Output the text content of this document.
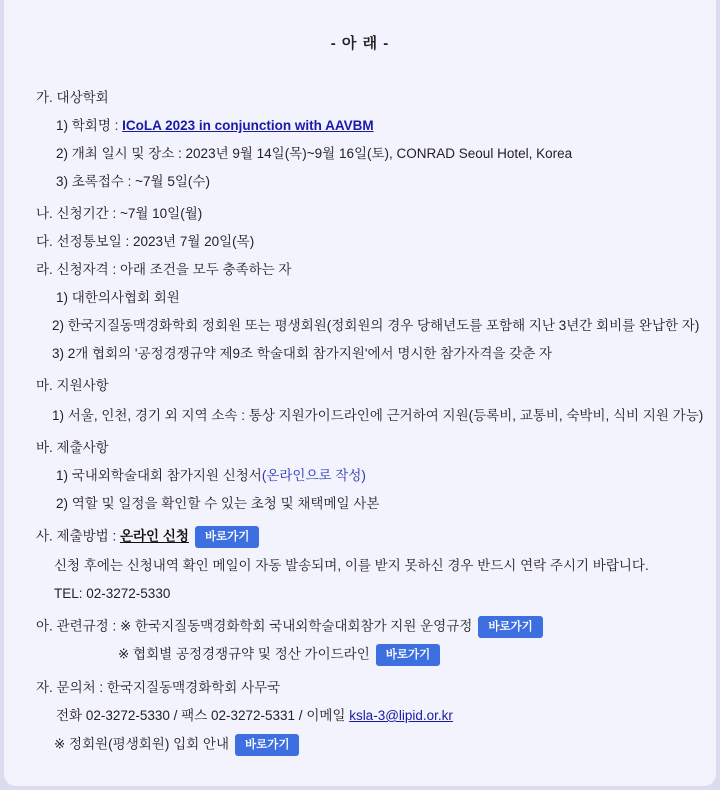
- 아 래 -
가. 대상학회
1) 학회명 : ICoLA 2023 in conjunction with AAVBM
2) 개최 일시 및 장소 : 2023년 9월 14일(목)~9월 16일(토), CONRAD Seoul Hotel, Korea
3) 초록접수 : ~7월 5일(수)
나. 신청기간 : ~7월 10일(월)
다. 선정통보일 : 2023년 7월 20일(목)
라. 신청자격 : 아래 조건을 모두 충족하는 자
1) 대한의사협회 회원
2) 한국지질동맥경화학회 정회원 또는 평생회원(정회원의 경우 당해년도를 포함해 지난 3년간 회비를 완납한 자)
3) 2개 협회의 '공정경쟁규약 제9조 학술대회 참가지원'에서 명시한 참가자격을 갖춘 자
마. 지원사항
1) 서울, 인천, 경기 외 지역 소속 : 통상 지원가이드라인에 근거하여 지원(등록비, 교통비, 숙박비, 식비 지원 가능)
바. 제출사항
1) 국내외학술대회 참가지원 신청서(온라인으로 작성)
2) 역할 및 일정을 확인할 수 있는 초청 및 채택메일 사본
사. 제출방법 : 온라인 신청 바로가기
신청 후에는 신청내역 확인 메일이 자동 발송되며, 이를 받지 못하신 경우 반드시 연락 주시기 바랍니다.
TEL: 02-3272-5330
아. 관련규정 : ※ 한국지질동맥경화학회 국내외학술대회참가 지원 운영규정 바로가기
※ 협회별 공정경쟁규약 및 정산 가이드라인 바로가기
자. 문의처 : 한국지질동맥경화학회 사무국
전화 02-3272-5330 / 팩스 02-3272-5331 / 이메일 ksla-3@lipid.or.kr
※ 정회원(평생회원) 입회 안내 바로가기
